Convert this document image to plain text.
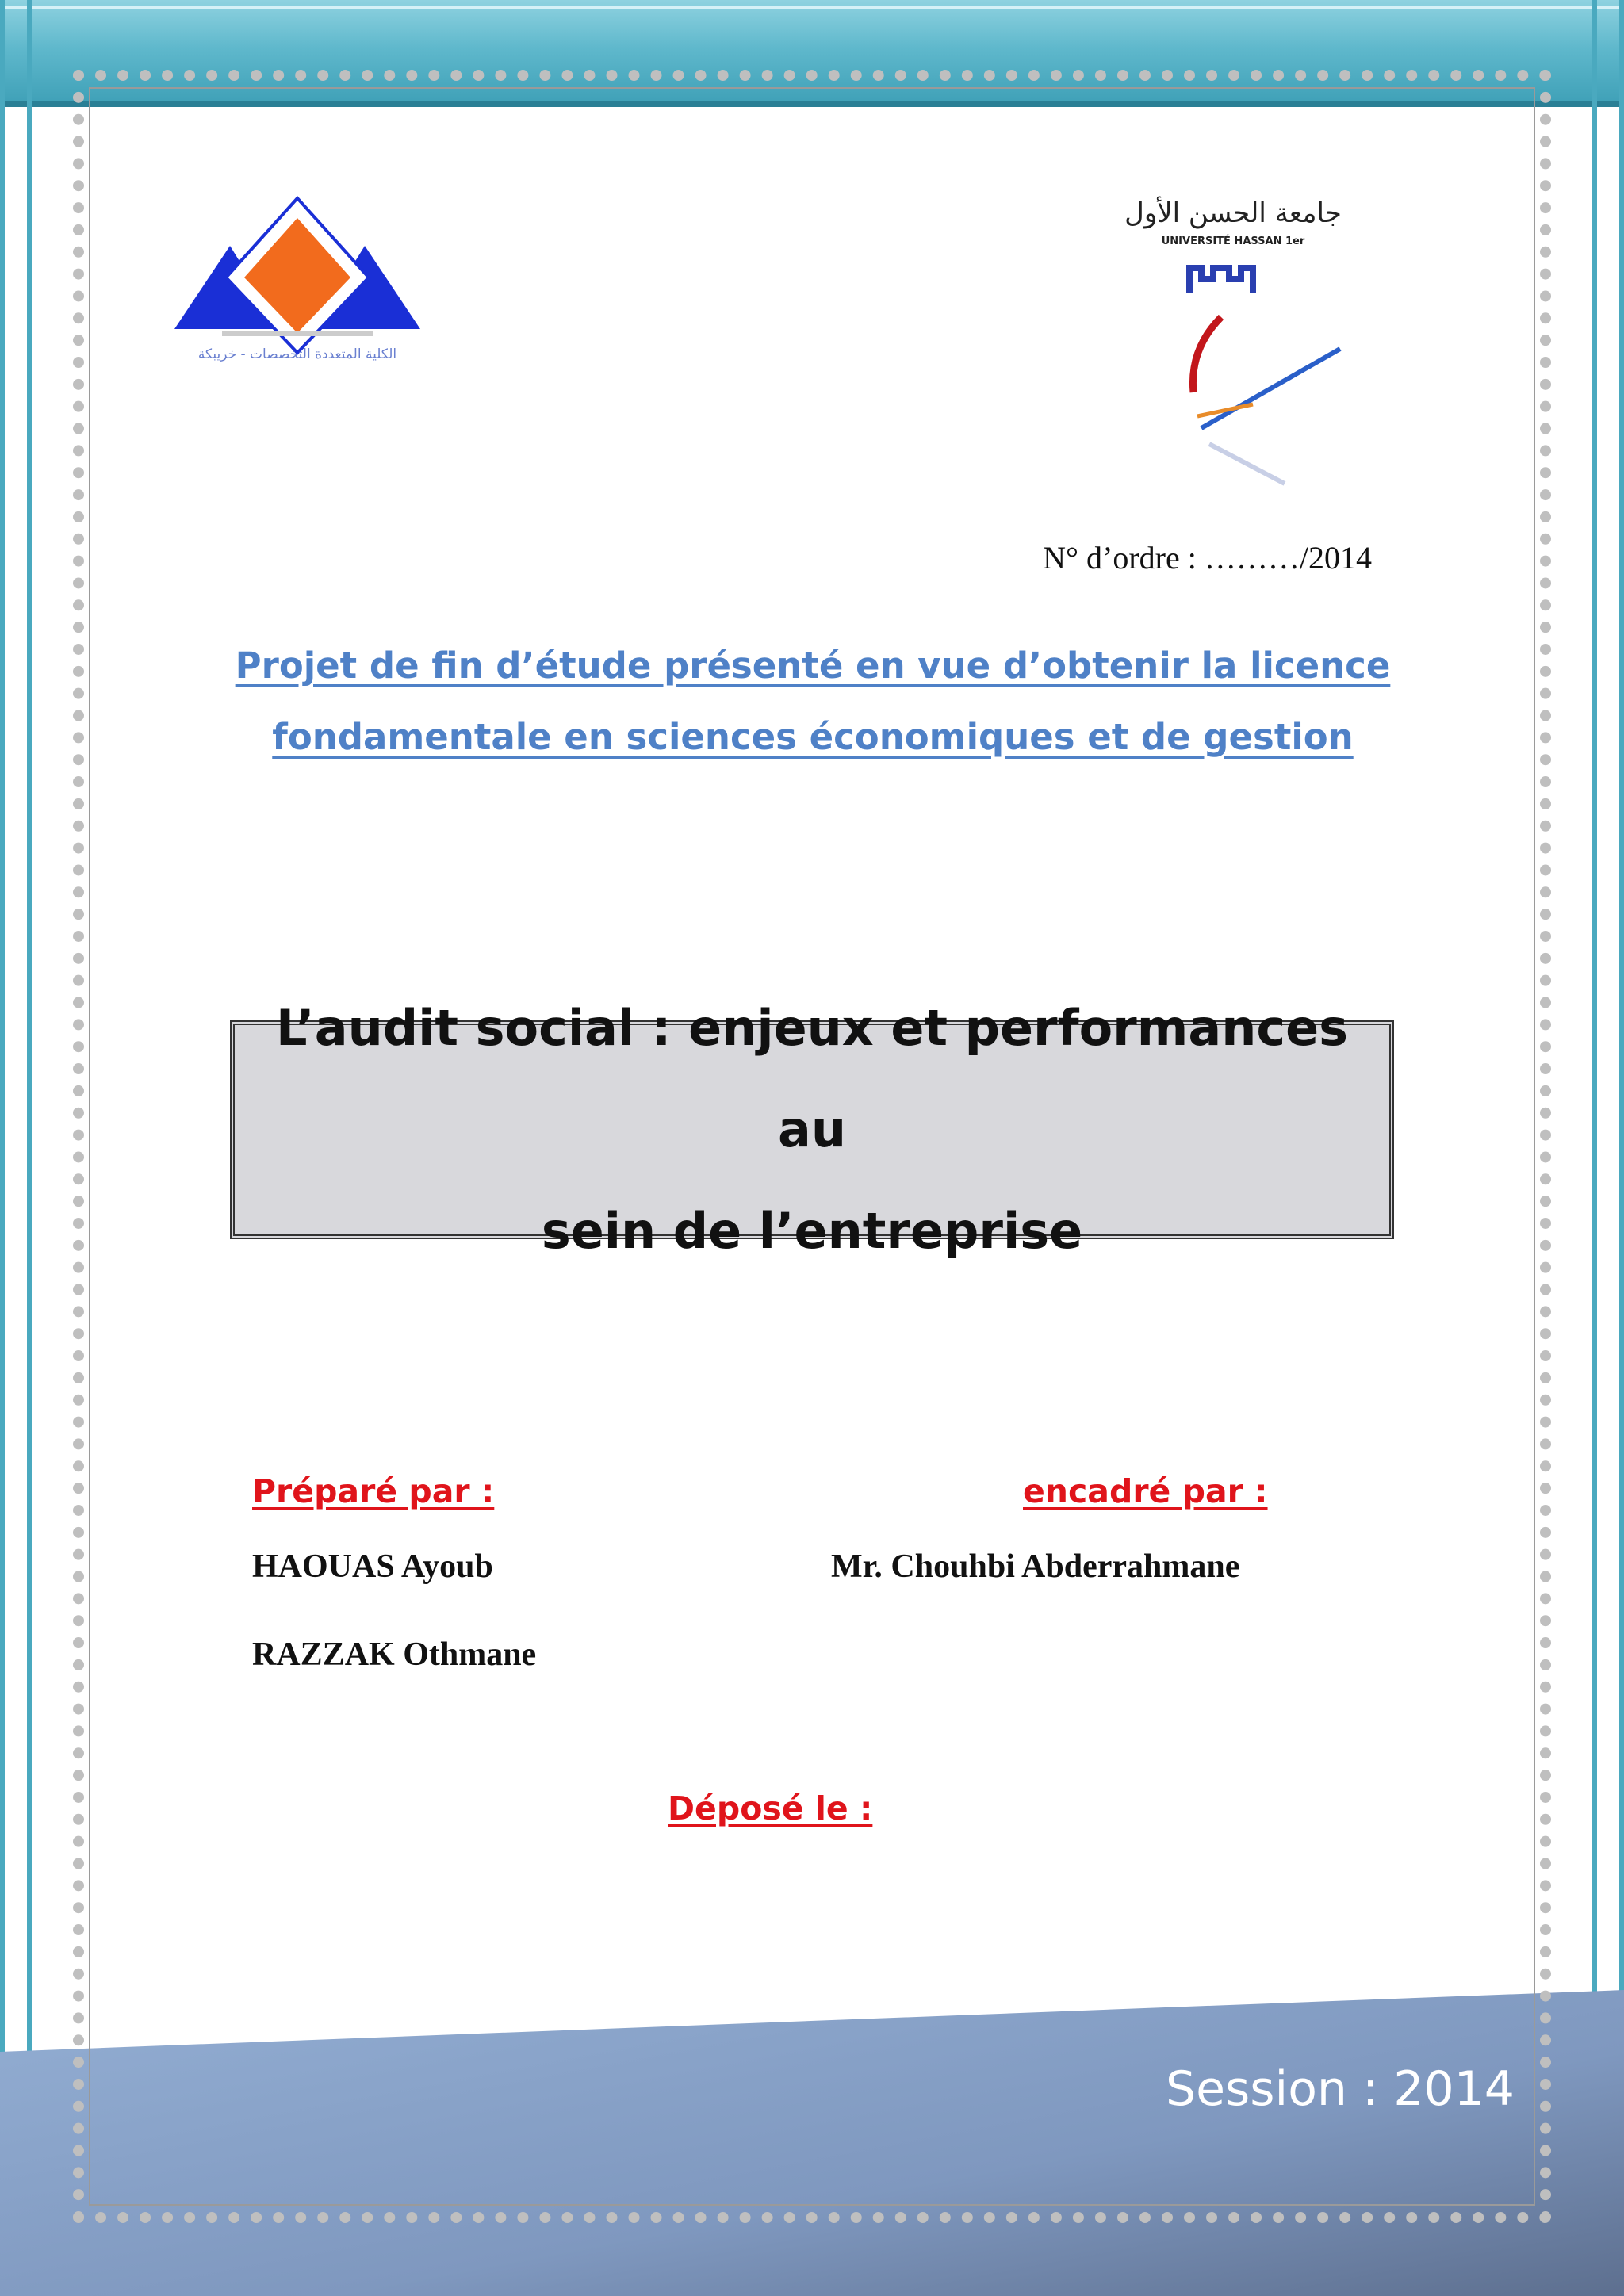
الكلية المتعددة التخصصات - خريبكة
جامعة الحسن الأول
UNIVERSITÉ HASSAN 1er
N° d’ordre : ………/2014
Projet de fin d’étude présenté en vue d’obtenir la licence
fondamentale en sciences économiques et de gestion
L’audit social : enjeux et performances au
sein de l’entreprise
Préparé par :	encadré par :
HAOUAS Ayoub
RAZZAK Othmane
Mr. Chouhbi Abderrahmane
Déposé le :
Session : 2014
